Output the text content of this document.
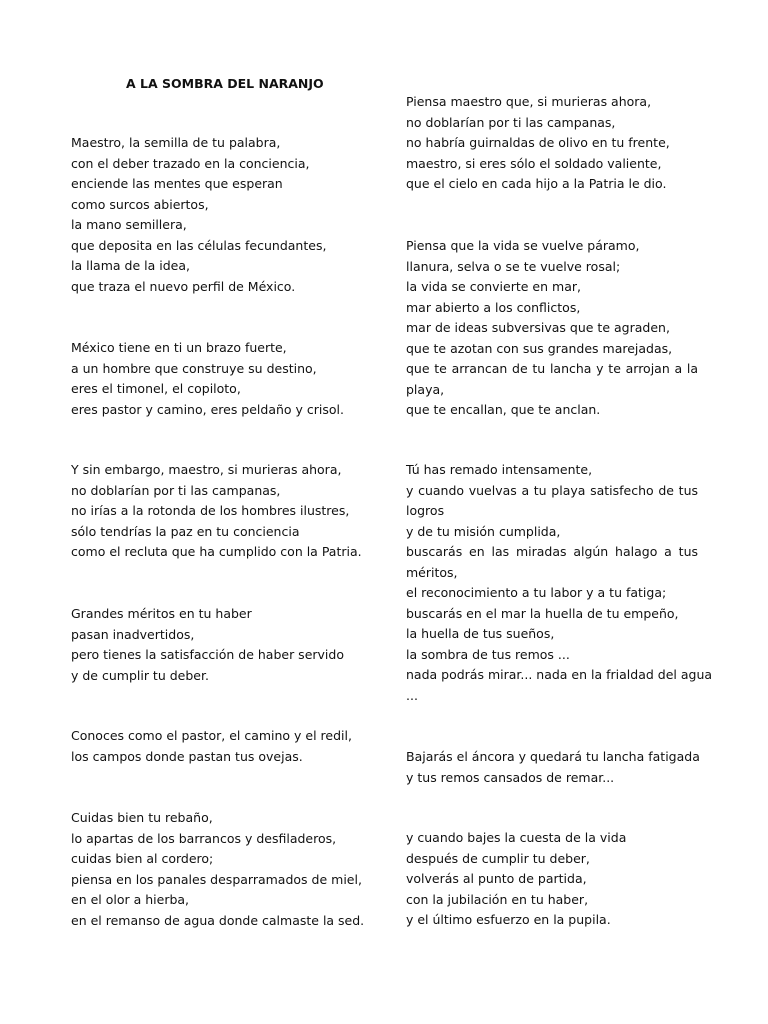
A LA SOMBRA DEL NARANJO

Maestro, la semilla de tu palabra,
con el deber trazado en la conciencia,
enciende las mentes que esperan
como surcos abiertos,
la mano semillera,
que deposita en las células fecundantes,
la llama de la idea,
que traza el nuevo perfil de México.

México tiene en ti un brazo fuerte,
a un hombre que construye su destino,
eres el timonel, el copiloto,
eres pastor y camino, eres peldaño y crisol.

Y sin embargo, maestro, si murieras ahora,
no doblarían por ti las campanas,
no irías a la rotonda de los hombres ilustres,
sólo tendrías la paz en tu conciencia
como el recluta que ha cumplido con la Patria.

Grandes méritos en tu haber
pasan inadvertidos,
pero tienes la satisfacción de haber servido
y de cumplir tu deber.

Conoces como el pastor, el camino y el redil,
los campos donde pastan tus ovejas.

Cuidas bien tu rebaño,
lo apartas de los barrancos y desfiladeros,
cuidas bien al cordero;
piensa en los panales desparramados de miel,
en el olor a hierba,
en el remanso de agua donde calmaste la sed.

Piensa maestro que, si murieras ahora,
no doblarían por ti las campanas,
no habría guirnaldas de olivo en tu frente,
maestro, si eres sólo el soldado valiente,
que el cielo en cada hijo a la Patria le dio.

Piensa que la vida se vuelve páramo,
llanura, selva o se te vuelve rosal;
la vida se convierte en mar,
mar abierto a los conflictos,
mar de ideas subversivas que te agraden,
que te azotan con sus grandes marejadas,
que te arrancan de tu lancha y te arrojan a la
playa,
que te encallan, que te anclan.

Tú has remado intensamente,
y cuando vuelvas a tu playa satisfecho de tus
logros
y de tu misión cumplida,
buscarás en las miradas algún halago a tus
méritos,
el reconocimiento a tu labor y a tu fatiga;
buscarás en el mar la huella de tu empeño,
la huella de tus sueños,
la sombra de tus remos ...
nada podrás mirar... nada en la frialdad del agua
...

Bajarás el áncora y quedará tu lancha fatigada
y tus remos cansados de remar...

y cuando bajes la cuesta de la vida
después de cumplir tu deber,
volverás al punto de partida,
con la jubilación en tu haber,
y el último esfuerzo en la pupila.
